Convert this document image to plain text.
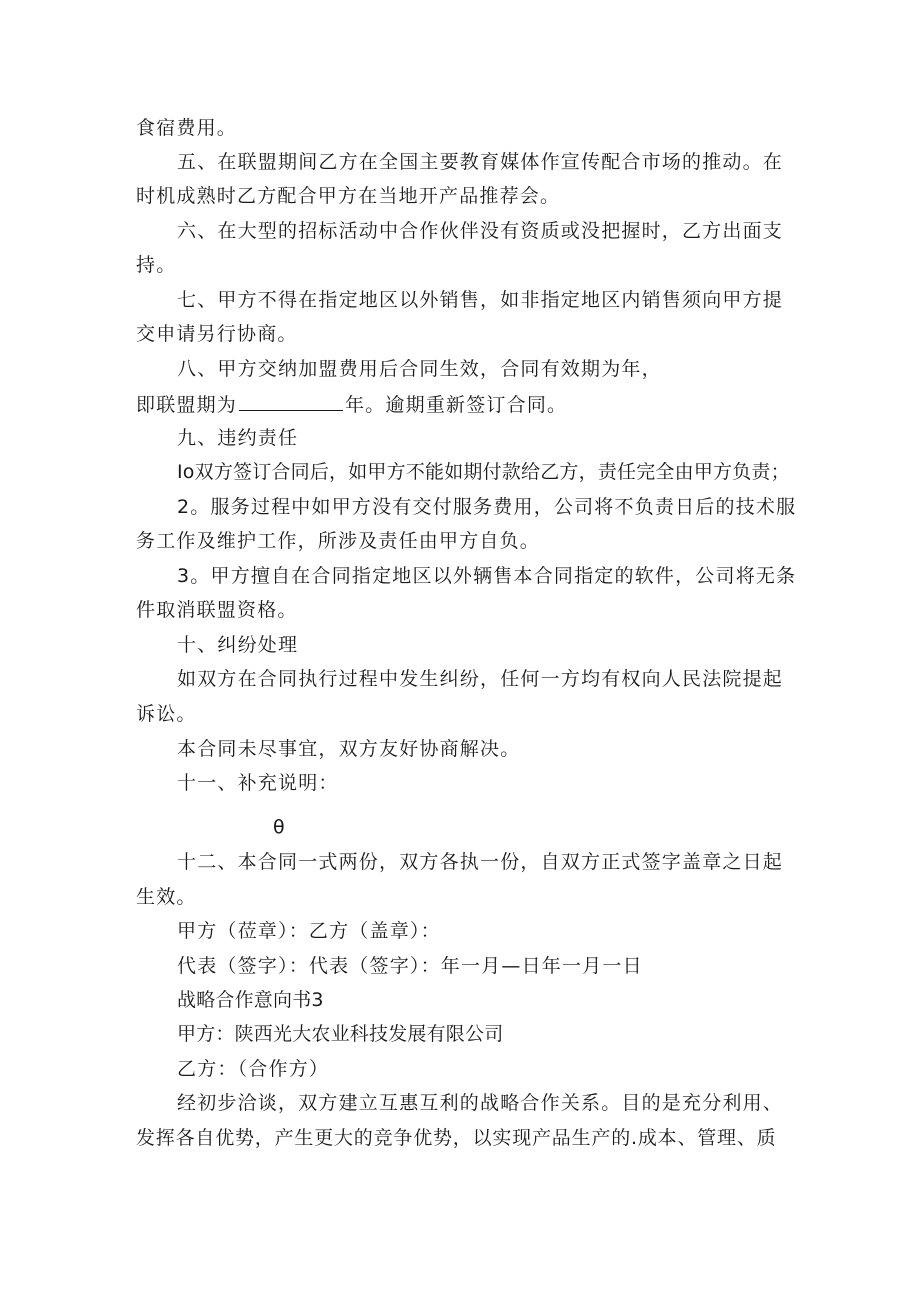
食宿费用。
五、在联盟期间乙方在全国主要教育媒体作宣传配合市场的推动。在
时机成熟时乙方配合甲方在当地开产品推荐会。
六、在大型的招标活动中合作伙伴没有资质或没把握时，乙方出面支
持。
七、甲方不得在指定地区以外销售，如非指定地区内销售须向甲方提
交申请另行协商。
八、甲方交纳加盟费用后合同生效，合同有效期为年，
即联盟期为	年。逾期重新签订合同。
九、违约责任
Io双方签订合同后，如甲方不能如期付款给乙方，责任完全由甲方负责；
2。服务过程中如甲方没有交付服务费用，公司将不负责日后的技术服
务工作及维护工作，所涉及责任由甲方自负。
3。甲方擅自在合同指定地区以外辆售本合同指定的软件，公司将无条
件取消联盟资格。
十、纠纷处理
如双方在合同执行过程中发生纠纷，任何一方均有权向人民法院提起
诉讼。
本合同未尽事宜，双方友好协商解决。
十一、补充说明：
θ
十二、本合同一式两份，双方各执一份，自双方正式签字盖章之日起
生效。
甲方（莅章）：乙方（盖章）：
代表（签字）：代表（签字）：年一月—日年一月一日
战略合作意向书3
甲方：陕西光大农业科技发展有限公司
乙方：（合作方）
经初步洽谈，双方建立互惠互利的战略合作关系。目的是充分利用、
发挥各自优势，产生更大的竞争优势，以实现产品生产的.成本、管理、质
